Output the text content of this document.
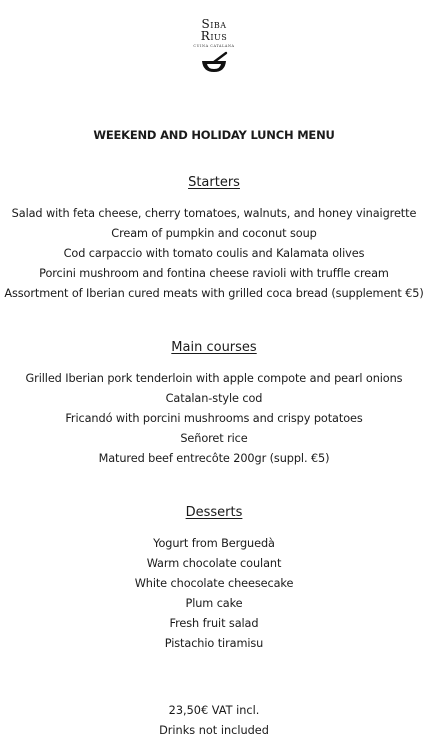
Siba
Rius
CUINA CATALANA
WEEKEND AND HOLIDAY LUNCH MENU
Starters
Salad with feta cheese, cherry tomatoes, walnuts, and honey vinaigrette
Cream of pumpkin and coconut soup
Cod carpaccio with tomato coulis and Kalamata olives
Porcini mushroom and fontina cheese ravioli with truffle cream
Assortment of Iberian cured meats with grilled coca bread (supplement €5)
Main courses
Grilled Iberian pork tenderloin with apple compote and pearl onions
Catalan-style cod
Fricandó with porcini mushrooms and crispy potatoes
Señoret rice
Matured beef entrecôte 200gr (suppl. €5)
Desserts
Yogurt from Berguedà
Warm chocolate coulant
White chocolate cheesecake
Plum cake
Fresh fruit salad
Pistachio tiramisu
23,50€ VAT incl.
Drinks not included
